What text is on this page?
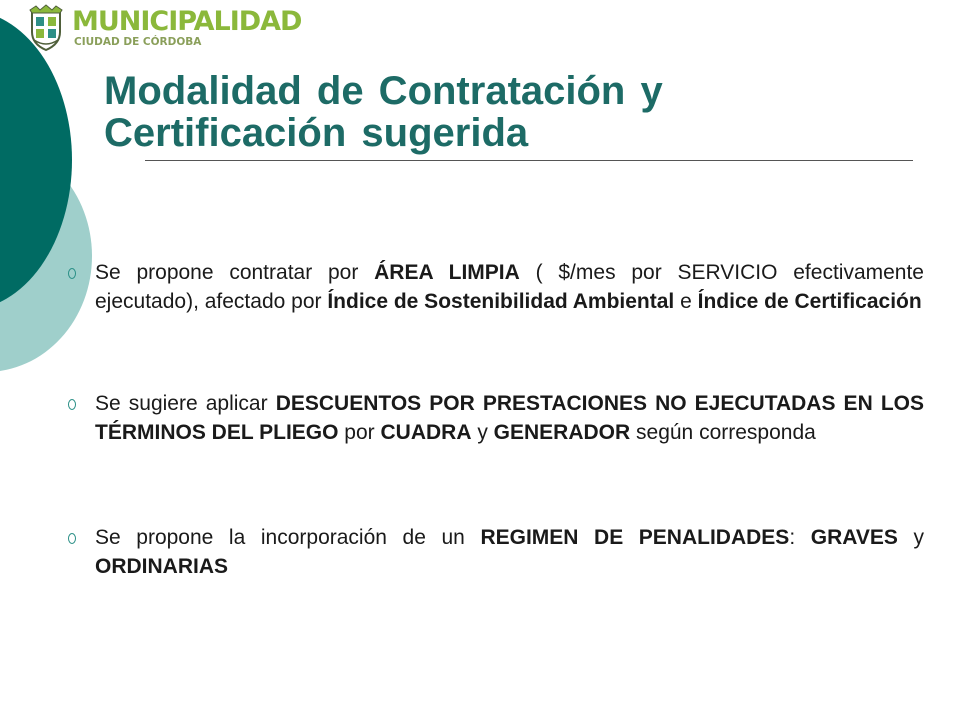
MUNICIPALIDAD
CIUDAD DE CÓRDOBA
Modalidad de Contratación y
Certificación sugerida
Se propone contratar por ÁREA LIMPIA ( $/mes por SERVICIO efectivamente ejecutado), afectado por Índice de Sostenibilidad Ambiental e Índice de Certificación
Se sugiere aplicar DESCUENTOS POR PRESTACIONES NO EJECUTADAS EN LOS TÉRMINOS DEL PLIEGO por CUADRA y GENERADOR según corresponda
Se propone la incorporación de un REGIMEN DE PENALIDADES: GRAVES y ORDINARIAS
